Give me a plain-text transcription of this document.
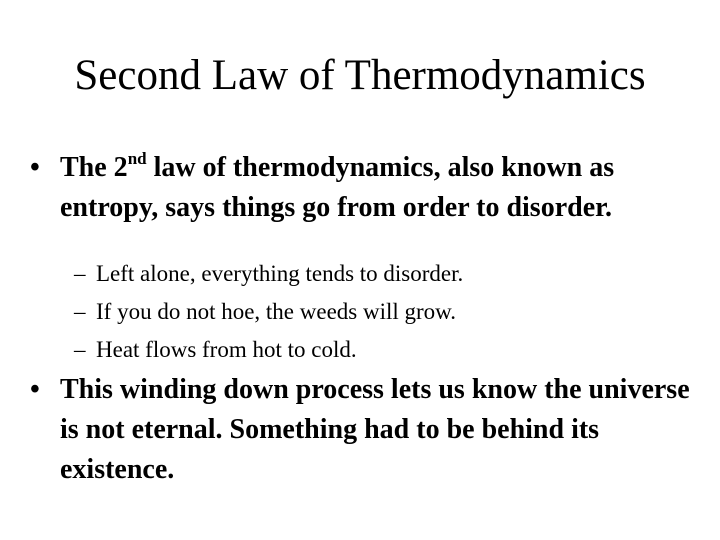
Second Law of Thermodynamics
• The 2nd law of thermodynamics, also known as entropy, says things go from order to disorder.
– Left alone, everything tends to disorder.
– If you do not hoe, the weeds will grow.
– Heat flows from hot to cold.
• This winding down process lets us know the universe is not eternal. Something had to be behind its existence.
